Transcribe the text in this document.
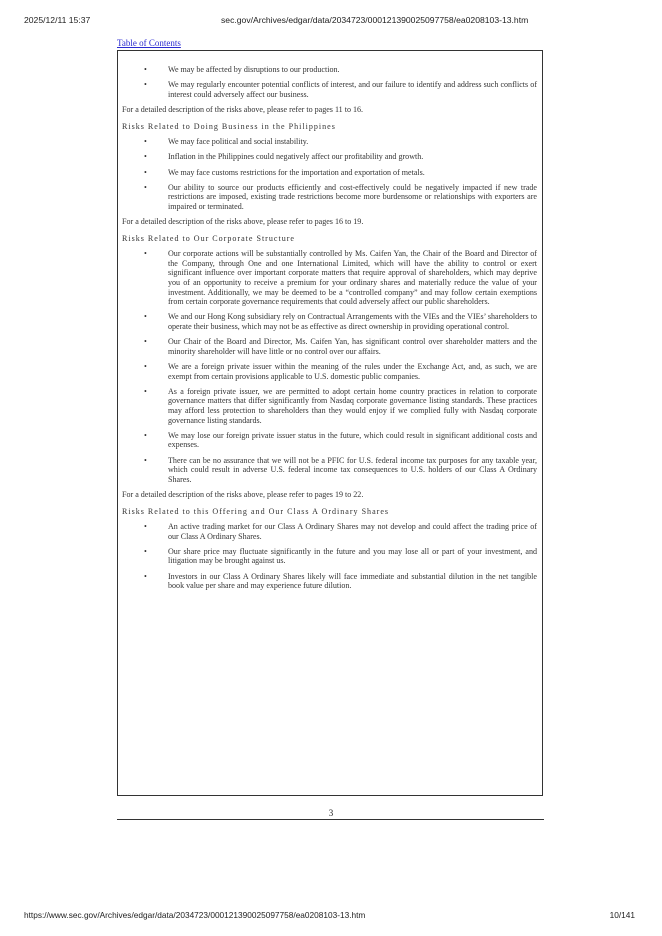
2025/12/11 15:37	sec.gov/Archives/edgar/data/2034723/000121390025097758/ea0208103-13.htm
Table of Contents
•	We may be affected by disruptions to our production.
•	We may regularly encounter potential conflicts of interest, and our failure to identify and address such conflicts of interest could adversely affect our business.

For a detailed description of the risks above, please refer to pages 11 to 16.

Risks Related to Doing Business in the Philippines

•	We may face political and social instability.
•	Inflation in the Philippines could negatively affect our profitability and growth.
•	We may face customs restrictions for the importation and exportation of metals.
•	Our ability to source our products efficiently and cost-effectively could be negatively impacted if new trade restrictions are imposed, existing trade restrictions become more burdensome or relationships with exporters are impaired or terminated.

For a detailed description of the risks above, please refer to pages 16 to 19.

Risks Related to Our Corporate Structure

•	Our corporate actions will be substantially controlled by Ms. Caifen Yan, the Chair of the Board and Director of the Company, through One and one International Limited, which will have the ability to control or exert significant influence over important corporate matters that require approval of shareholders, which may deprive you of an opportunity to receive a premium for your ordinary shares and materially reduce the value of your investment. Additionally, we may be deemed to be a “controlled company” and may follow certain exemptions from certain corporate governance requirements that could adversely affect our public shareholders.
•	We and our Hong Kong subsidiary rely on Contractual Arrangements with the VIEs and the VIEs’ shareholders to operate their business, which may not be as effective as direct ownership in providing operational control.
•	Our Chair of the Board and Director, Ms. Caifen Yan, has significant control over shareholder matters and the minority shareholder will have little or no control over our affairs.
•	We are a foreign private issuer within the meaning of the rules under the Exchange Act, and, as such, we are exempt from certain provisions applicable to U.S. domestic public companies.
•	As a foreign private issuer, we are permitted to adopt certain home country practices in relation to corporate governance matters that differ significantly from Nasdaq corporate governance listing standards. These practices may afford less protection to shareholders than they would enjoy if we complied fully with Nasdaq corporate governance listing standards.
•	We may lose our foreign private issuer status in the future, which could result in significant additional costs and expenses.
•	There can be no assurance that we will not be a PFIC for U.S. federal income tax purposes for any taxable year, which could result in adverse U.S. federal income tax consequences to U.S. holders of our Class A Ordinary Shares.

For a detailed description of the risks above, please refer to pages 19 to 22.

Risks Related to this Offering and Our Class A Ordinary Shares

•	An active trading market for our Class A Ordinary Shares may not develop and could affect the trading price of our Class A Ordinary Shares.
•	Our share price may fluctuate significantly in the future and you may lose all or part of your investment, and litigation may be brought against us.
•	Investors in our Class A Ordinary Shares likely will face immediate and substantial dilution in the net tangible book value per share and may experience future dilution.
3
https://www.sec.gov/Archives/edgar/data/2034723/000121390025097758/ea0208103-13.htm	10/141
